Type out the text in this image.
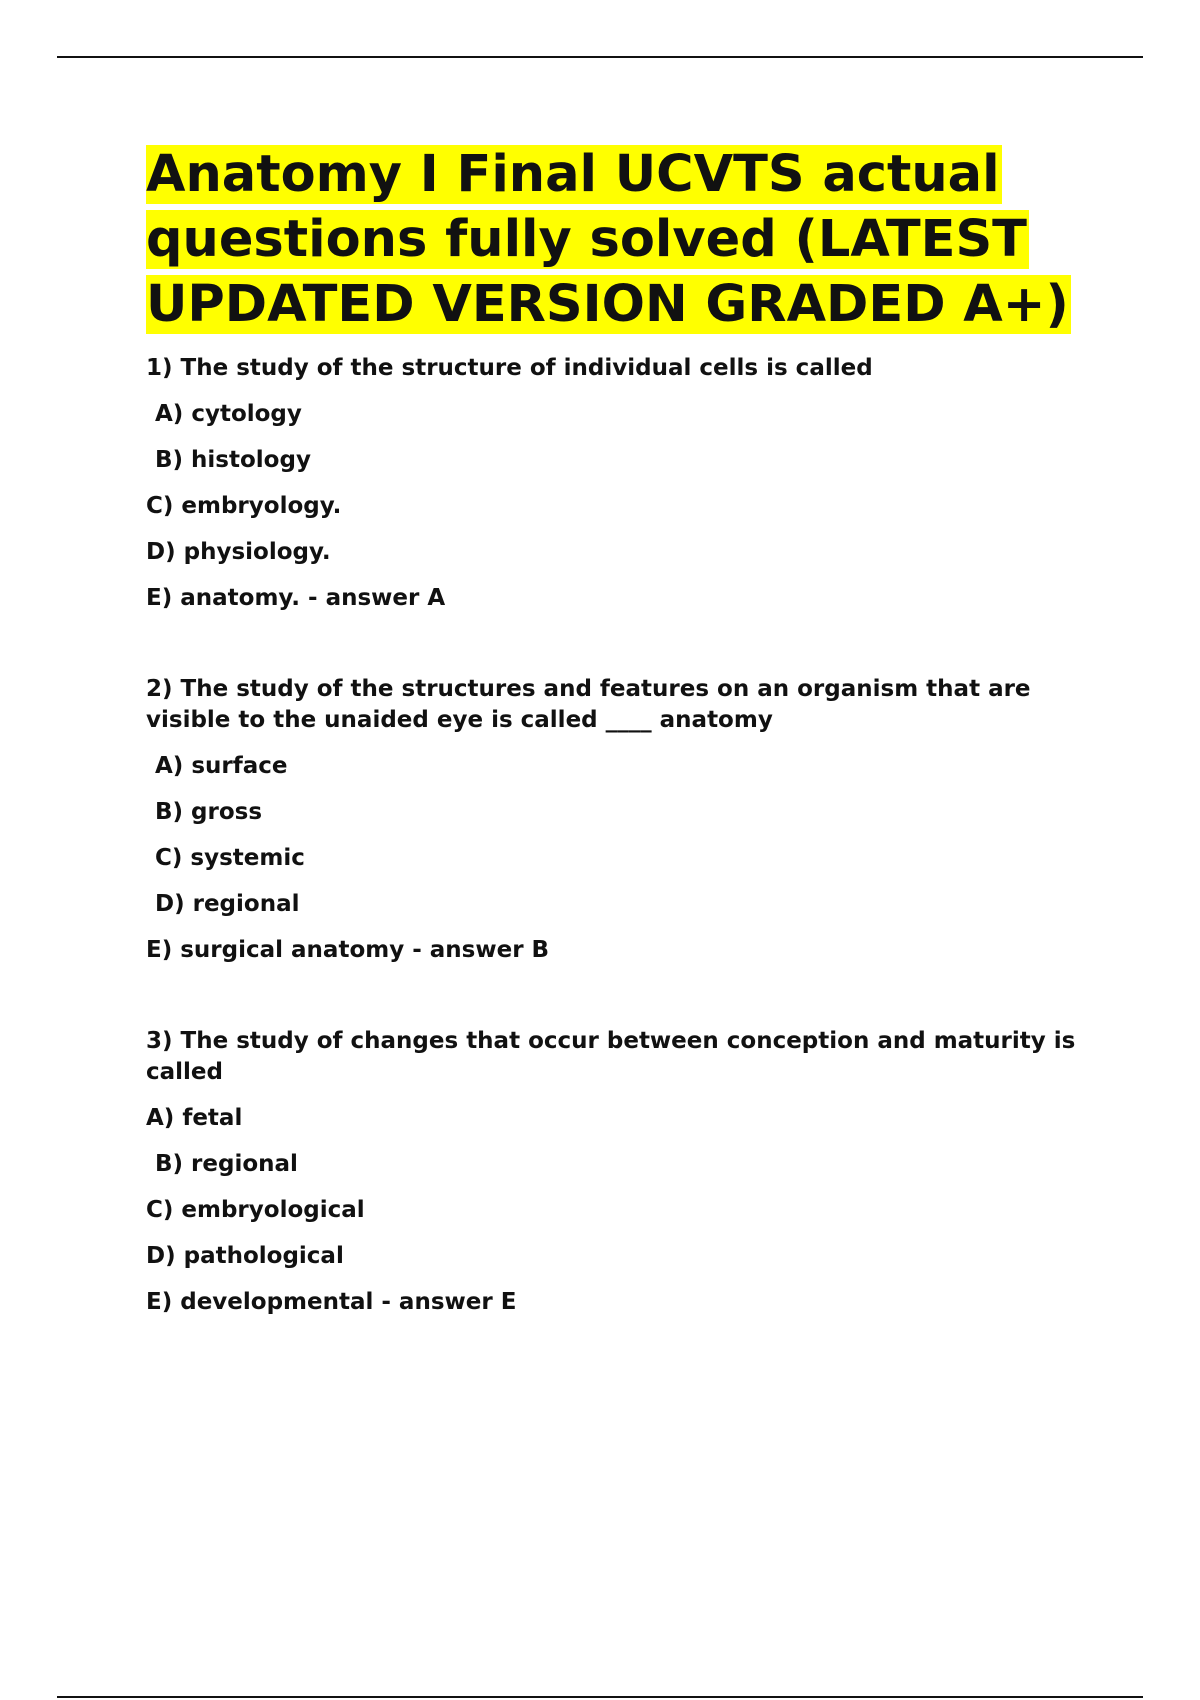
Anatomy I Final UCVTS actual questions fully solved (LATEST UPDATED VERSION GRADED A+)

1) The study of the structure of individual cells is called

A) cytology
B) histology
C) embryology.
D) physiology.
E) anatomy. - answer A

2) The study of the structures and features on an organism that are visible to the unaided eye is called ____ anatomy

A) surface
B) gross
C) systemic
D) regional
E) surgical anatomy - answer B

3) The study of changes that occur between conception and maturity is called

A) fetal
B) regional
C) embryological
D) pathological
E) developmental - answer E
